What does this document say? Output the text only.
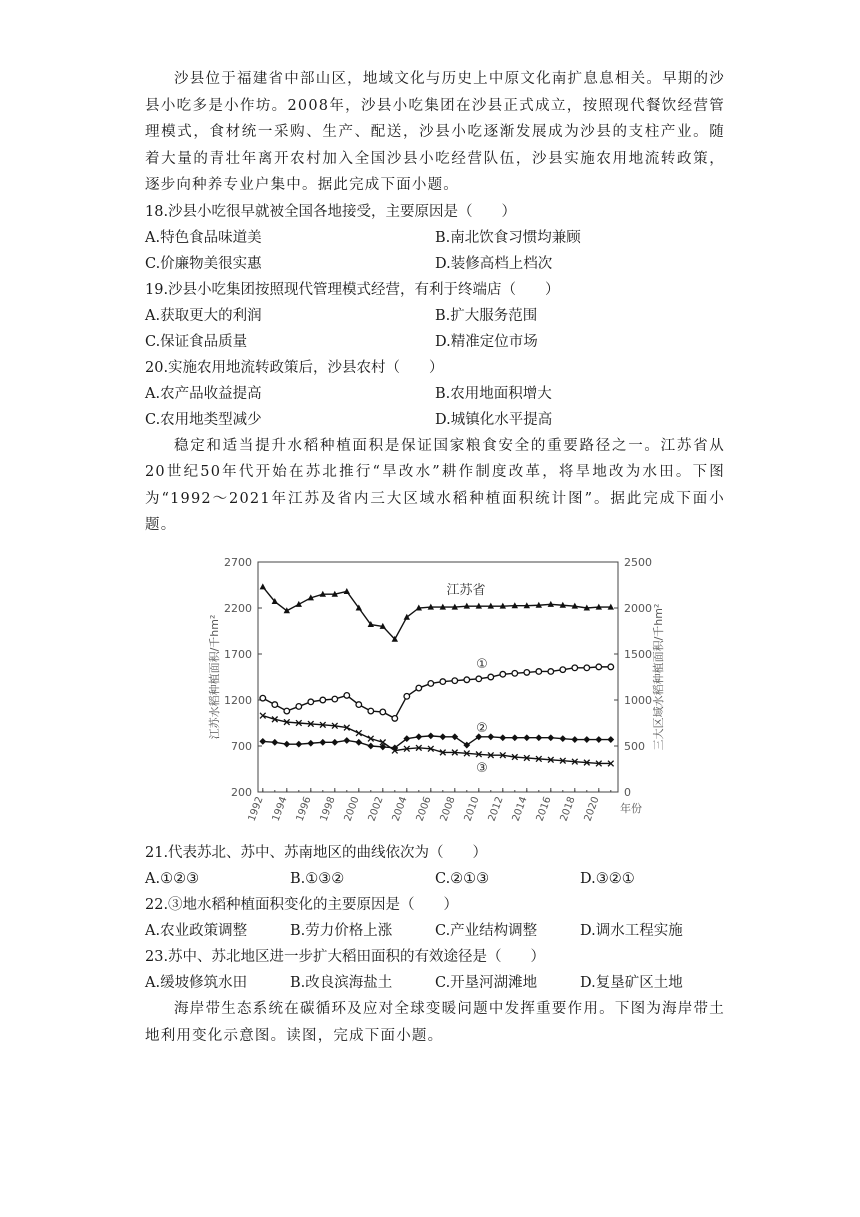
沙县位于福建省中部山区，地域文化与历史上中原文化南扩息息相关。早期的沙县小吃多是小作坊。2008年，沙县小吃集团在沙县正式成立，按照现代餐饮经营管理模式，食材统一采购、生产、配送，沙县小吃逐渐发展成为沙县的支柱产业。随着大量的青壮年离开农村加入全国沙县小吃经营队伍，沙县实施农用地流转政策，逐步向种养专业户集中。据此完成下面小题。

18.沙县小吃很早就被全国各地接受，主要原因是（　　）

A.特色食品味道美	B.南北饮食习惯均兼顾
C.价廉物美很实惠	D.装修高档上档次

19.沙县小吃集团按照现代管理模式经营，有利于终端店（　　）

A.获取更大的利润	B.扩大服务范围
C.保证食品质量	D.精准定位市场

20.实施农用地流转政策后，沙县农村（　　）

A.农产品收益提高	B.农用地面积增大
C.农用地类型减少	D.城镇化水平提高

稳定和适当提升水稻种植面积是保证国家粮食安全的重要路径之一。江苏省从20世纪50年代开始在苏北推行“旱改水”耕作制度改革，将旱地改为水田。下图为“1992～2021年江苏及省内三大区域水稻种植面积统计图”。据此完成下面小题。

200
700
1200
1700
2200
2700
0
500
1000
1500
2000
2500
1992 1994 1996 1998 2000 2002 2004 2006 2008 2010 2012 2014 2016 2018 2020 年份
江苏水稻种植面积/千hm²	三大区域水稻种植面积/千hm²
江苏省
①
②
③

21.代表苏北、苏中、苏南地区的曲线依次为（　　）

A.①②③	B.①③②	C.②①③	D.③②①

22.③地水稻种植面积变化的主要原因是（　　）

A.农业政策调整	B.劳力价格上涨	C.产业结构调整	D.调水工程实施

23.苏中、苏北地区进一步扩大稻田面积的有效途径是（　　）

A.缓坡修筑水田	B.改良滨海盐土	C.开垦河湖滩地	D.复垦矿区土地

海岸带生态系统在碳循环及应对全球变暖问题中发挥重要作用。下图为海岸带土地利用变化示意图。读图，完成下面小题。
